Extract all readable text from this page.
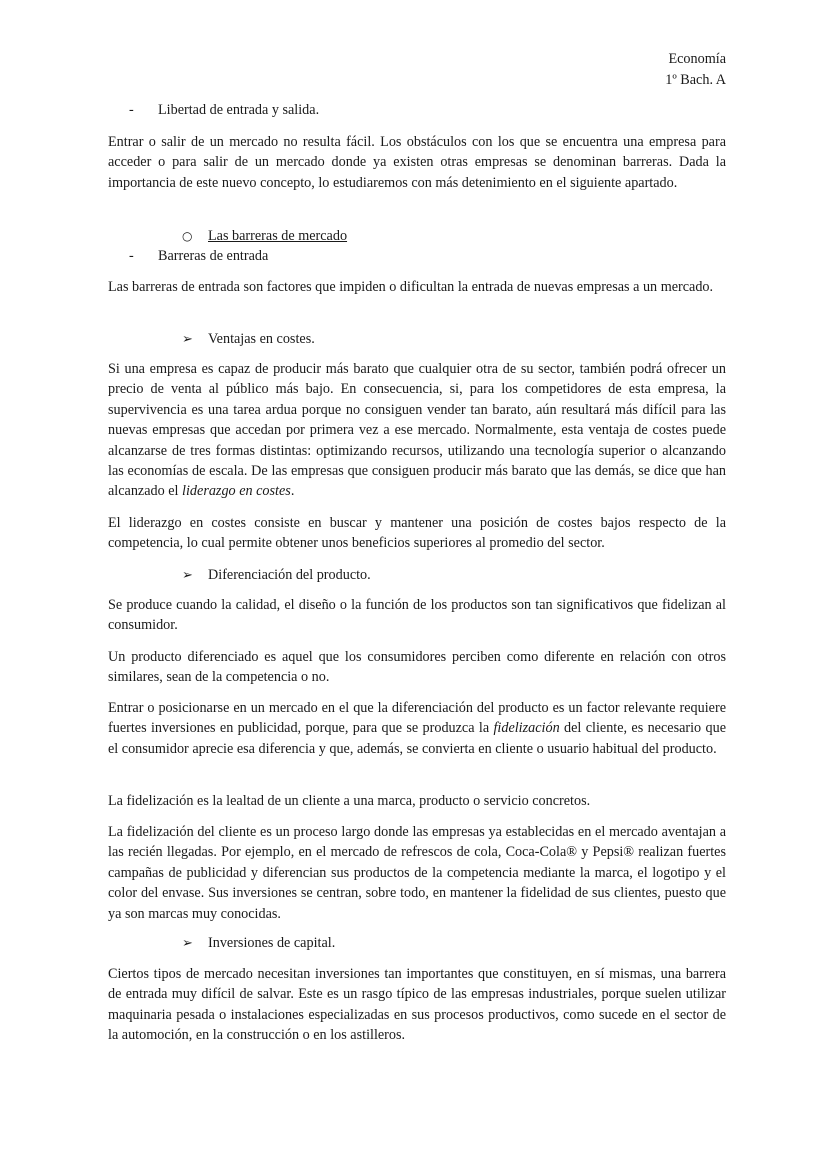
Economía
1º Bach. A
- Libertad de entrada y salida.

Entrar o salir de un mercado no resulta fácil. Los obstáculos con los que se encuentra una empresa para acceder o para salir de un mercado donde ya existen otras empresas se denominan barreras. Dada la importancia de este nuevo concepto, lo estudiaremos con más detenimiento en el siguiente apartado.

○ Las barreras de mercado
- Barreras de entrada

Las barreras de entrada son factores que impiden o dificultan la entrada de nuevas empresas a un mercado.

➢ Ventajas en costes.

Si una empresa es capaz de producir más barato que cualquier otra de su sector, también podrá ofrecer un precio de venta al público más bajo. En consecuencia, si, para los competidores de esta empresa, la supervivencia es una tarea ardua porque no consiguen vender tan barato, aún resultará más difícil para las nuevas empresas que accedan por primera vez a ese mercado. Normalmente, esta ventaja de costes puede alcanzarse de tres formas distintas: optimizando recursos, utilizando una tecnología superior o alcanzando las economías de escala. De las empresas que consiguen producir más barato que las demás, se dice que han alcanzado el liderazgo en costes.

El liderazgo en costes consiste en buscar y mantener una posición de costes bajos respecto de la competencia, lo cual permite obtener unos beneficios superiores al promedio del sector.

➢ Diferenciación del producto.

Se produce cuando la calidad, el diseño o la función de los productos son tan significativos que fidelizan al consumidor.

Un producto diferenciado es aquel que los consumidores perciben como diferente en relación con otros similares, sean de la competencia o no.

Entrar o posicionarse en un mercado en el que la diferenciación del producto es un factor relevante requiere fuertes inversiones en publicidad, porque, para que se produzca la fidelización del cliente, es necesario que el consumidor aprecie esa diferencia y que, además, se convierta en cliente o usuario habitual del producto.

La fidelización es la lealtad de un cliente a una marca, producto o servicio concretos.

La fidelización del cliente es un proceso largo donde las empresas ya establecidas en el mercado aventajan a las recién llegadas. Por ejemplo, en el mercado de refrescos de cola, Coca-Cola® y Pepsi® realizan fuertes campañas de publicidad y diferencian sus productos de la competencia mediante la marca, el logotipo y el color del envase. Sus inversiones se centran, sobre todo, en mantener la fidelidad de sus clientes, puesto que ya son marcas muy conocidas.

➢ Inversiones de capital.

Ciertos tipos de mercado necesitan inversiones tan importantes que constituyen, en sí mismas, una barrera de entrada muy difícil de salvar. Este es un rasgo típico de las empresas industriales, porque suelen utilizar maquinaria pesada o instalaciones especializadas en sus procesos productivos, como sucede en el sector de la automoción, en la construcción o en los astilleros.
